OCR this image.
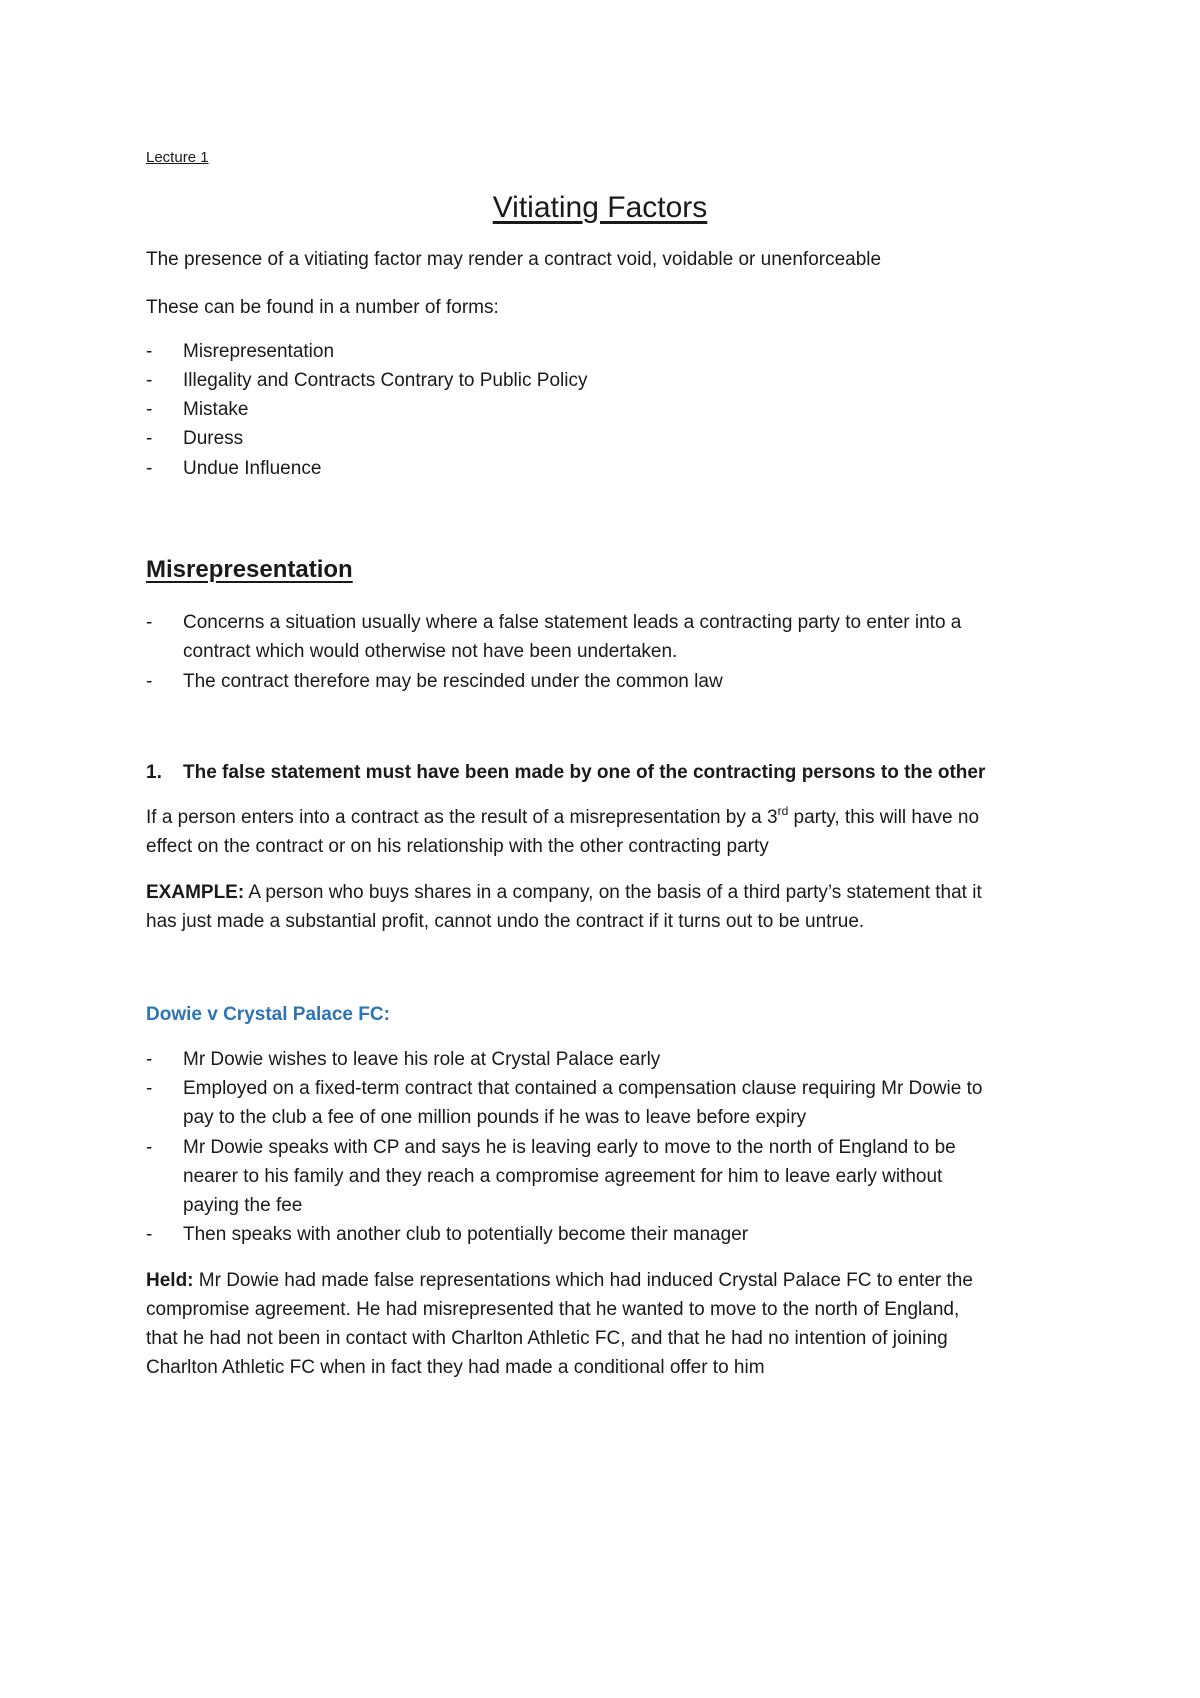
Lecture 1
Vitiating Factors
The presence of a vitiating factor may render a contract void, voidable or unenforceable
These can be found in a number of forms:
-	Misrepresentation
-	Illegality and Contracts Contrary to Public Policy
-	Mistake
-	Duress
-	Undue Influence
Misrepresentation
-	Concerns a situation usually where a false statement leads a contracting party to enter into a
contract which would otherwise not have been undertaken.
-	The contract therefore may be rescinded under the common law
1. The false statement must have been made by one of the contracting persons to the other
If a person enters into a contract as the result of a misrepresentation by a 3rd party, this will have no
effect on the contract or on his relationship with the other contracting party
EXAMPLE: A person who buys shares in a company, on the basis of a third party’s statement that it
has just made a substantial profit, cannot undo the contract if it turns out to be untrue.
Dowie v Crystal Palace FC:
-	Mr Dowie wishes to leave his role at Crystal Palace early
-	Employed on a fixed-term contract that contained a compensation clause requiring Mr Dowie to
pay to the club a fee of one million pounds if he was to leave before expiry
-	Mr Dowie speaks with CP and says he is leaving early to move to the north of England to be
nearer to his family and they reach a compromise agreement for him to leave early without
paying the fee
-	Then speaks with another club to potentially become their manager
Held: Mr Dowie had made false representations which had induced Crystal Palace FC to enter the
compromise agreement. He had misrepresented that he wanted to move to the north of England,
that he had not been in contact with Charlton Athletic FC, and that he had no intention of joining
Charlton Athletic FC when in fact they had made a conditional offer to him
